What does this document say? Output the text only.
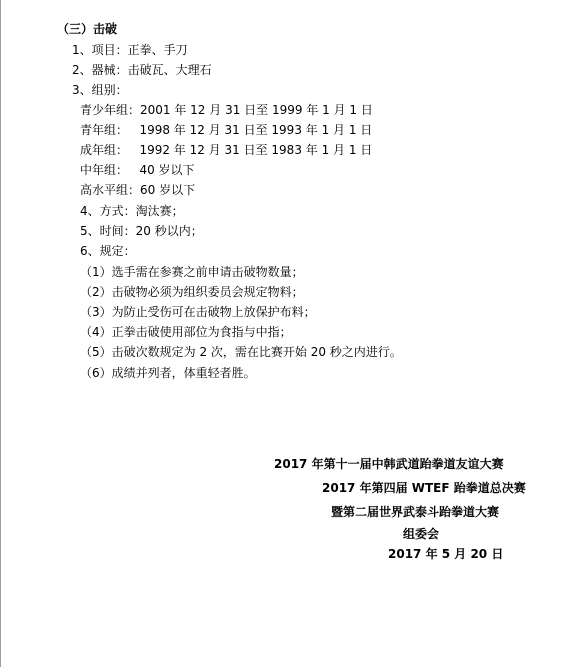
（三）击破
1、项目：正拳、手刀
2、器械：击破瓦、大理石
3、组别：
青少年组：2001 年 12 月 31 日至 1999 年 1 月 1 日
青年组：   1998 年 12 月 31 日至 1993 年 1 月 1 日
成年组：   1992 年 12 月 31 日至 1983 年 1 月 1 日
中年组：   40 岁以下
高水平组：60 岁以下
4、方式：淘汰赛；
5、时间：20 秒以内；
6、规定：
（1）选手需在参赛之前申请击破物数量；
（2）击破物必须为组织委员会规定物料；
（3）为防止受伤可在击破物上放保护布料；
（4）正拳击破使用部位为食指与中指；
（5）击破次数规定为 2 次，需在比赛开始 20 秒之内进行。
（6）成绩并列者，体重轻者胜。
2017 年第十一届中韩武道跆拳道友谊大赛
2017 年第四届 WTEF 跆拳道总决赛
暨第二届世界武泰斗跆拳道大赛
组委会
2017 年 5 月 20 日
